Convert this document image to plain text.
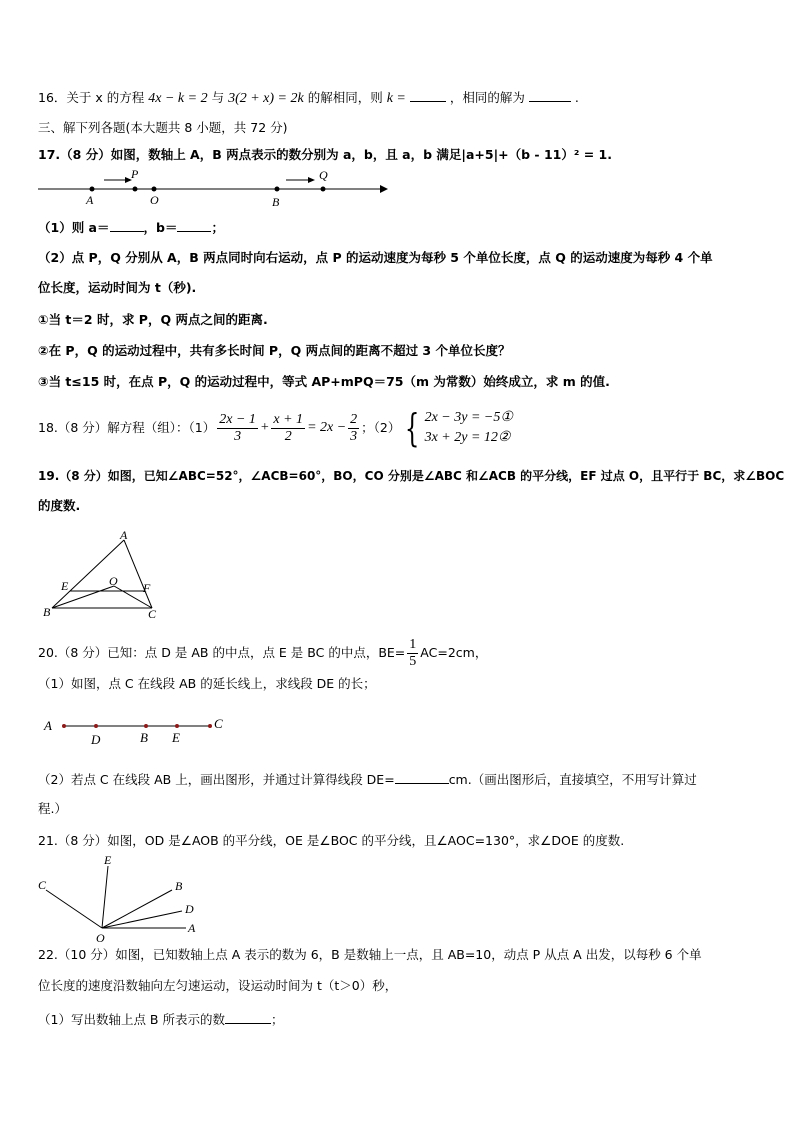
16．关于 x 的方程 4x − k = 2 与 3(2 + x) = 2k 的解相同，则 k =	，相同的解为	.
三、解下列各题(本大题共 8 小题，共 72 分)
17.（8 分）如图，数轴上 A，B 两点表示的数分别为 a，b，且 a，b 满足|a+5|+（b - 11）² = 1.
A
P
O	B
Q
（1）则 a＝	，b＝	；
（2）点 P，Q 分别从 A，B 两点同时向右运动，点 P 的运动速度为每秒 5 个单位长度，点 Q 的运动速度为每秒 4 个单
位长度，运动时间为 t（秒).
①当 t＝2 时，求 P，Q 两点之间的距离.
②在 P，Q 的运动过程中，共有多长时间 P，Q 两点间的距离不超过 3 个单位长度？
③当 t≤15 时，在点 P，Q 的运动过程中，等式 AP+mPQ＝75（m 为常数）始终成立，求 m 的值.
18.（8 分）解方程（组）：$(1) \frac{2x - 1}{3} + \frac{x + 1}{2} = 2x - \frac{2}{3}$ ；（2） { 2x − 3y = −5①
3x + 2y = 12②
19.（8 分）如图，已知∠ABC=52°，∠ACB=60°，BO，CO 分别是∠ABC 和∠ACB 的平分线，EF 过点 O，且平行于 BC，求∠BOC
的度数.
A
E	O F
B	C
20.（8 分）已知：点 D 是 AB 的中点，点 E 是 BC 的中点，$BE= \frac{1}{5} AC=2cm$，
（1）如图，点 C 在线段 AB 的延长线上，求线段 DE 的长；
A	C
D	B E
（2）若点 C 在线段 AB 上，画出图形，并通过计算得线段 DE=	cm.（画出图形后，直接填空，不用写计算过
程.）
21.（8 分）如图，OD 是∠AOB 的平分线，OE 是∠BOC 的平分线，且∠AOC=130°，求∠DOE 的度数.
E
C	B
D
O
A
22.（10 分）如图，已知数轴上点 A 表示的数为 6，B 是数轴上一点，且 AB=10，动点 P 从点 A 出发，以每秒 6 个单
位长度的速度沿数轴向左匀速运动，设运动时间为 t（t＞0）秒，
（1）写出数轴上点 B 所表示的数	；
